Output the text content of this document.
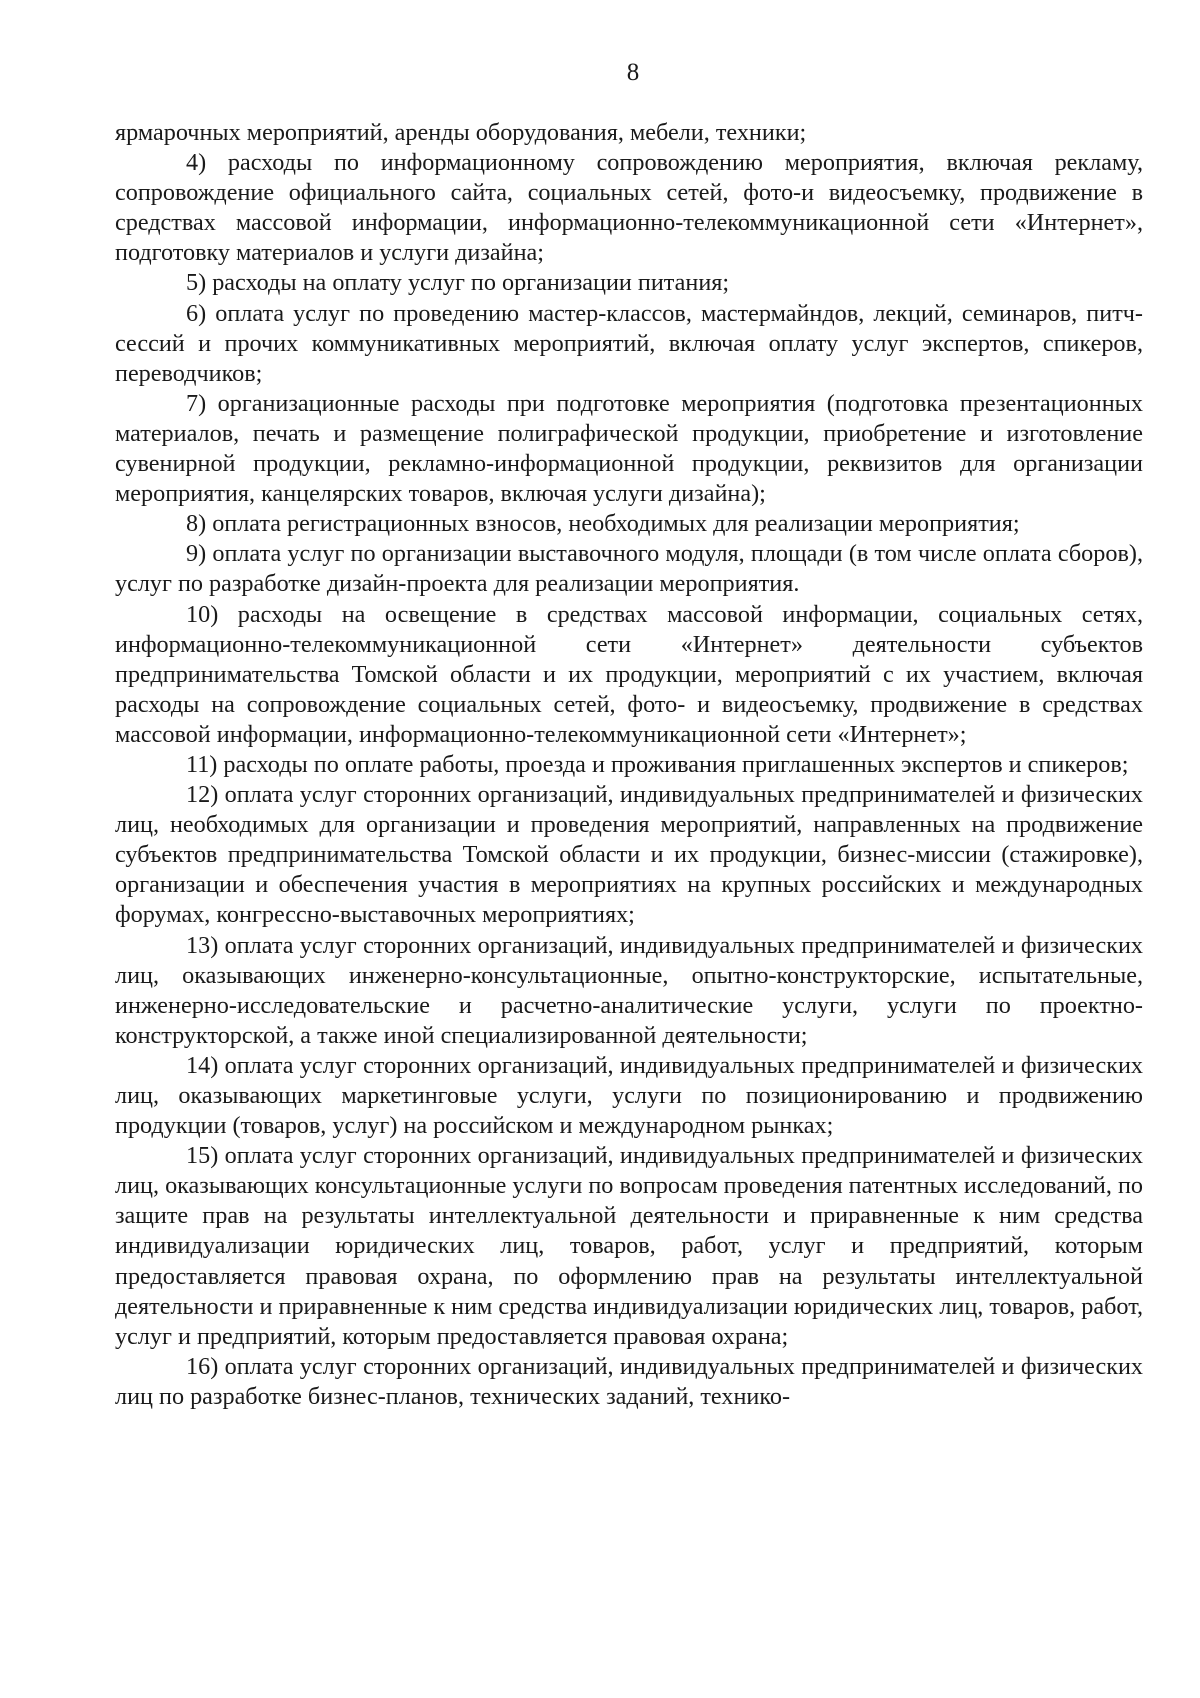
8

ярмарочных мероприятий, аренды оборудования, мебели, техники;

4) расходы по информационному сопровождению мероприятия, включая рекламу, сопровождение официального сайта, социальных сетей, фото-и видеосъемку, продвижение в средствах массовой информации, информационно-телекоммуникационной сети «Интернет», подготовку материалов и услуги дизайна;

5) расходы на оплату услуг по организации питания;

6) оплата услуг по проведению мастер-классов, мастермайндов, лекций, семинаров, питч-сессий и прочих коммуникативных мероприятий, включая оплату услуг экспертов, спикеров, переводчиков;

7) организационные расходы при подготовке мероприятия (подготовка презентационных материалов, печать и размещение полиграфической продукции, приобретение и изготовление сувенирной продукции, рекламно-информационной продукции, реквизитов для организации мероприятия, канцелярских товаров, включая услуги дизайна);

8) оплата регистрационных взносов, необходимых для реализации мероприятия;

9) оплата услуг по организации выставочного модуля, площади (в том числе оплата сборов), услуг по разработке дизайн-проекта для реализации мероприятия.

10) расходы на освещение в средствах массовой информации, социальных сетях, информационно-телекоммуникационной сети «Интернет» деятельности субъектов предпринимательства Томской области и их продукции, мероприятий с их участием, включая расходы на сопровождение социальных сетей, фото- и видеосъемку, продвижение в средствах массовой информации, информационно-телекоммуникационной сети «Интернет»;

11) расходы по оплате работы, проезда и проживания приглашенных экспертов и спикеров;

12) оплата услуг сторонних организаций, индивидуальных предпринимателей и физических лиц, необходимых для организации и проведения мероприятий, направленных на продвижение субъектов предпринимательства Томской области и их продукции, бизнес-миссии (стажировке), организации и обеспечения участия в мероприятиях на крупных российских и международных форумах, конгрессно-выставочных мероприятиях;

13) оплата услуг сторонних организаций, индивидуальных предпринимателей и физических лиц, оказывающих инженерно-консультационные, опытно-конструкторские, испытательные, инженерно-исследовательские и расчетно-аналитические услуги, услуги по проектно-конструкторской, а также иной специализированной деятельности;

14) оплата услуг сторонних организаций, индивидуальных предпринимателей и физических лиц, оказывающих маркетинговые услуги, услуги по позиционированию и продвижению продукции (товаров, услуг) на российском и международном рынках;

15) оплата услуг сторонних организаций, индивидуальных предпринимателей и физических лиц, оказывающих консультационные услуги по вопросам проведения патентных исследований, по защите прав на результаты интеллектуальной деятельности и приравненные к ним средства индивидуализации юридических лиц, товаров, работ, услуг и предприятий, которым предоставляется правовая охрана, по оформлению прав на результаты интеллектуальной деятельности и приравненные к ним средства индивидуализации юридических лиц, товаров, работ, услуг и предприятий, которым предоставляется правовая охрана;

16) оплата услуг сторонних организаций, индивидуальных предпринимателей и физических лиц по разработке бизнес-планов, технических заданий, технико-
